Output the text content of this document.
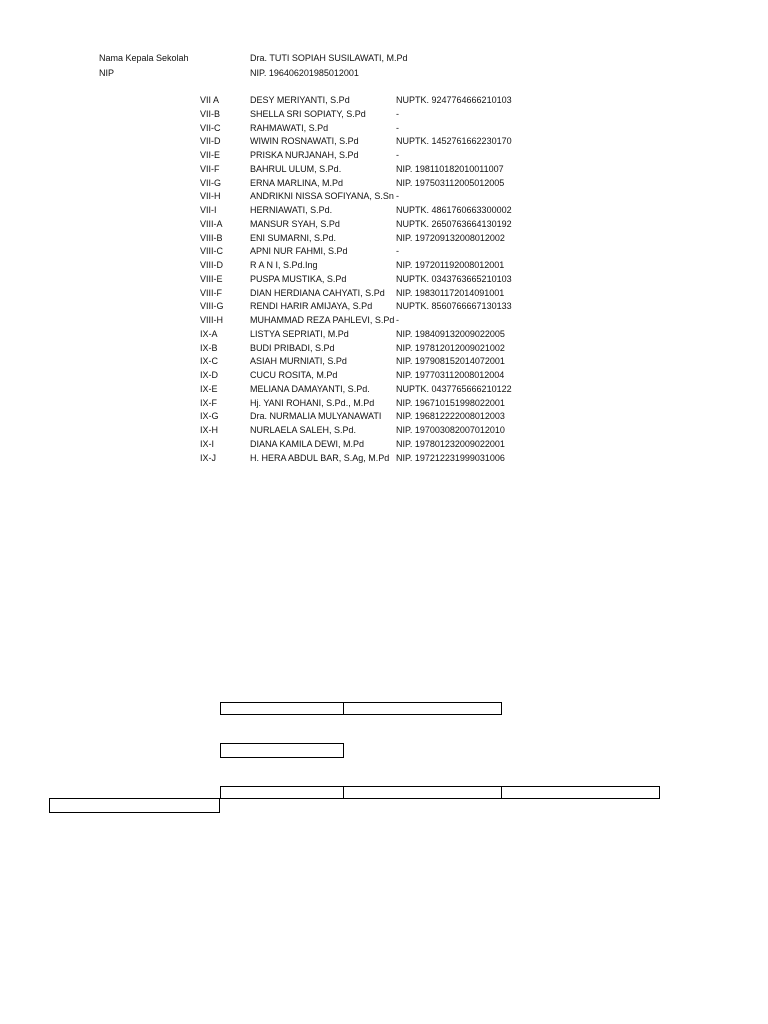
Nama Kepala Sekolah	Dra. TUTI SOPIAH SUSILAWATI, M.Pd
NIP	NIP. 196406201985012001
VII A	DESY MERIYANTI, S.Pd	NUPTK. 9247764666210103
VII-B	SHELLA SRI SOPIATY, S.Pd	-
VII-C	RAHMAWATI, S.Pd	-
VII-D	WIWIN ROSNAWATI, S.Pd	NUPTK. 1452761662230170
VII-E	PRISKA NURJANAH, S.Pd	-
VII-F	BAHRUL ULUM, S.Pd.	NIP. 198110182010011007
VII-G	ERNA MARLINA, M.Pd	NIP. 197503112005012005
VII-H	ANDRIKNI NISSA SOFIYANA, S.Sn -
VII-I	HERNIAWATI, S.Pd.	NUPTK. 4861760663300002
VIII-A	MANSUR SYAH, S.Pd	NUPTK. 2650763664130192
VIII-B	ENI SUMARNI, S.Pd.	NIP. 197209132008012002
VIII-C	APNI NUR FAHMI, S.Pd	-
VIII-D	R A N I, S.Pd.Ing	NIP. 197201192008012001
VIII-E	PUSPA MUSTIKA, S.Pd	NUPTK. 0343763665210103
VIII-F	DIAN HERDIANA CAHYATI, S.Pd	NIP. 198301172014091001
VIII-G	RENDI HARIR AMIJAYA, S.Pd	NUPTK. 8560766667130133
VIII-H	MUHAMMAD REZA PAHLEVI, S.Pd -
IX-A	LISTYA SEPRIATI, M.Pd	NIP. 198409132009022005
IX-B	BUDI PRIBADI, S.Pd	NIP. 197812012009021002
IX-C	ASIAH MURNIATI, S.Pd	NIP. 197908152014072001
IX-D	CUCU ROSITA, M.Pd	NIP. 197703112008012004
IX-E	MELIANA DAMAYANTI, S.Pd.	NUPTK. 0437765666210122
IX-F	Hj. YANI ROHANI, S.Pd., M.Pd	NIP. 196710151998022001
IX-G	Dra. NURMALIA MULYANAWATI	NIP. 196812222008012003
IX-H	NURLAELA SALEH, S.Pd.	NIP. 197003082007012010
IX-I	DIANA KAMILA DEWI, M.Pd	NIP. 197801232009022001
IX-J	H. HERA ABDUL BAR, S.Ag, M.Pd NIP. 197212231999031006
